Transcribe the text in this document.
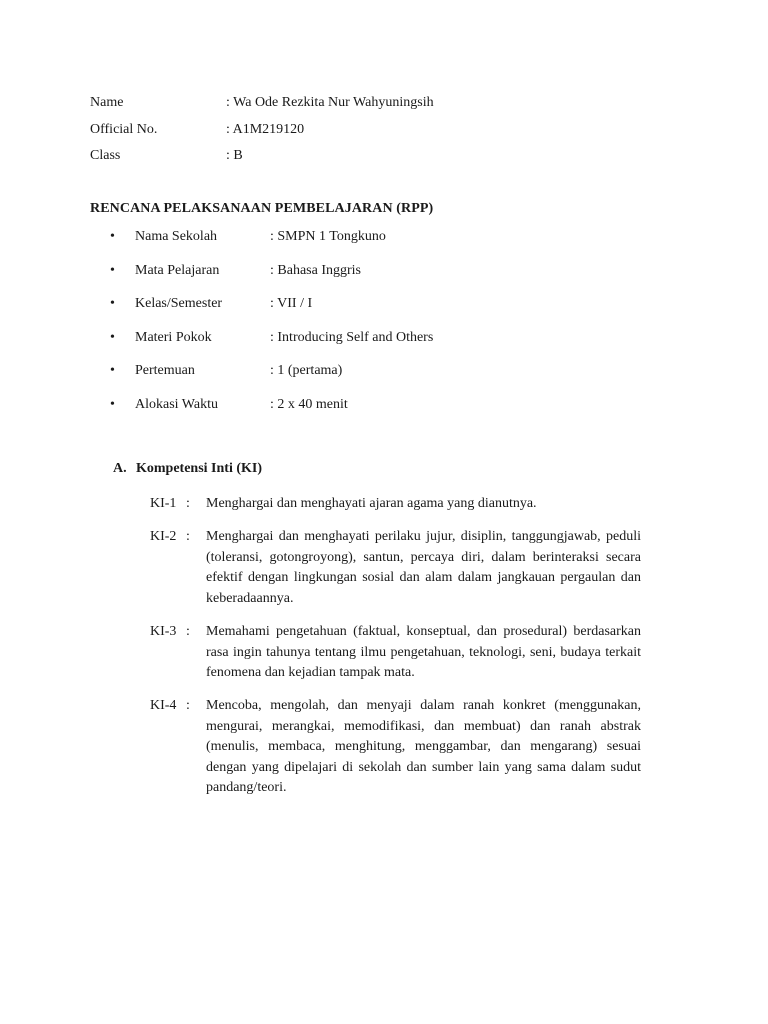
Name	: Wa Ode Rezkita Nur Wahyuningsih
Official No.	: A1M219120
Class	: B
RENCANA PELAKSANAAN PEMBELAJARAN (RPP)
•	Nama Sekolah	: SMPN 1 Tongkuno
•	Mata Pelajaran	: Bahasa Inggris
•	Kelas/Semester	: VII / I
•	Materi Pokok	: Introducing Self and Others
•	Pertemuan	: 1 (pertama)
•	Alokasi Waktu	: 2 x 40 menit
A. Kompetensi Inti (KI)
KI-1 :	Menghargai dan menghayati ajaran agama yang dianutnya.
KI-2 :	Menghargai dan menghayati perilaku jujur, disiplin, tanggungjawab, peduli (toleransi, gotongroyong), santun, percaya diri, dalam berinteraksi secara efektif dengan lingkungan sosial dan alam dalam jangkauan pergaulan dan keberadaannya.
KI-3 :	Memahami pengetahuan (faktual, konseptual, dan prosedural) berdasarkan rasa ingin tahunya tentang ilmu pengetahuan, teknologi, seni, budaya terkait fenomena dan kejadian tampak mata.
KI-4 :	Mencoba, mengolah, dan menyaji dalam ranah konkret (menggunakan, mengurai, merangkai, memodifikasi, dan membuat) dan ranah abstrak (menulis, membaca, menghitung, menggambar, dan mengarang) sesuai dengan yang dipelajari di sekolah dan sumber lain yang sama dalam sudut pandang/teori.
